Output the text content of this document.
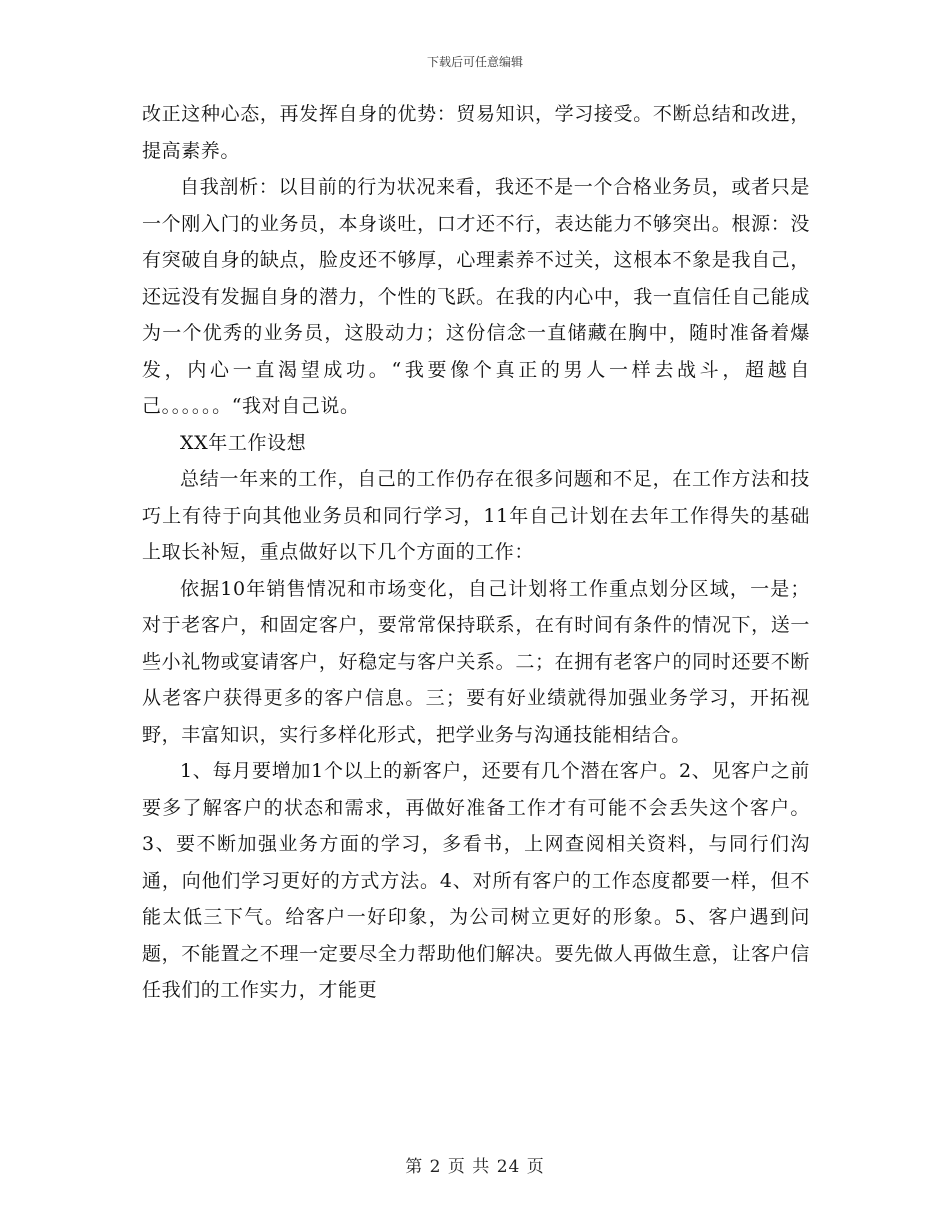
下载后可任意编辑

改正这种心态，再发挥自身的优势：贸易知识，学习接受。不断总结和改进，提高素养。

自我剖析：以目前的行为状况来看，我还不是一个合格业务员，或者只是一个刚入门的业务员，本身谈吐，口才还不行，表达能力不够突出。根源：没有突破自身的缺点，脸皮还不够厚，心理素养不过关，这根本不象是我自己，还远没有发掘自身的潜力，个性的飞跃。在我的内心中，我一直信任自己能成为一个优秀的业务员，这股动力；这份信念一直储藏在胸中，随时准备着爆发，内心一直渴望成功。“我要像个真正的男人一样去战斗，超越自己。。。。。。“我对自己说。

XX年工作设想

总结一年来的工作，自己的工作仍存在很多问题和不足，在工作方法和技巧上有待于向其他业务员和同行学习，11年自己计划在去年工作得失的基础上取长补短，重点做好以下几个方面的工作：

依据10年销售情况和市场变化，自己计划将工作重点划分区域，一是；对于老客户，和固定客户，要常常保持联系，在有时间有条件的情况下，送一些小礼物或宴请客户，好稳定与客户关系。二；在拥有老客户的同时还要不断从老客户获得更多的客户信息。三；要有好业绩就得加强业务学习，开拓视野，丰富知识，实行多样化形式，把学业务与沟通技能相结合。

1、每月要增加1个以上的新客户，还要有几个潜在客户。2、见客户之前要多了解客户的状态和需求，再做好准备工作才有可能不会丢失这个客户。3、要不断加强业务方面的学习，多看书，上网查阅相关资料，与同行们沟通，向他们学习更好的方式方法。4、对所有客户的工作态度都要一样，但不能太低三下气。给客户一好印象，为公司树立更好的形象。5、客户遇到问题，不能置之不理一定要尽全力帮助他们解决。要先做人再做生意，让客户信任我们的工作实力，才能更

第 2 页 共 24 页
